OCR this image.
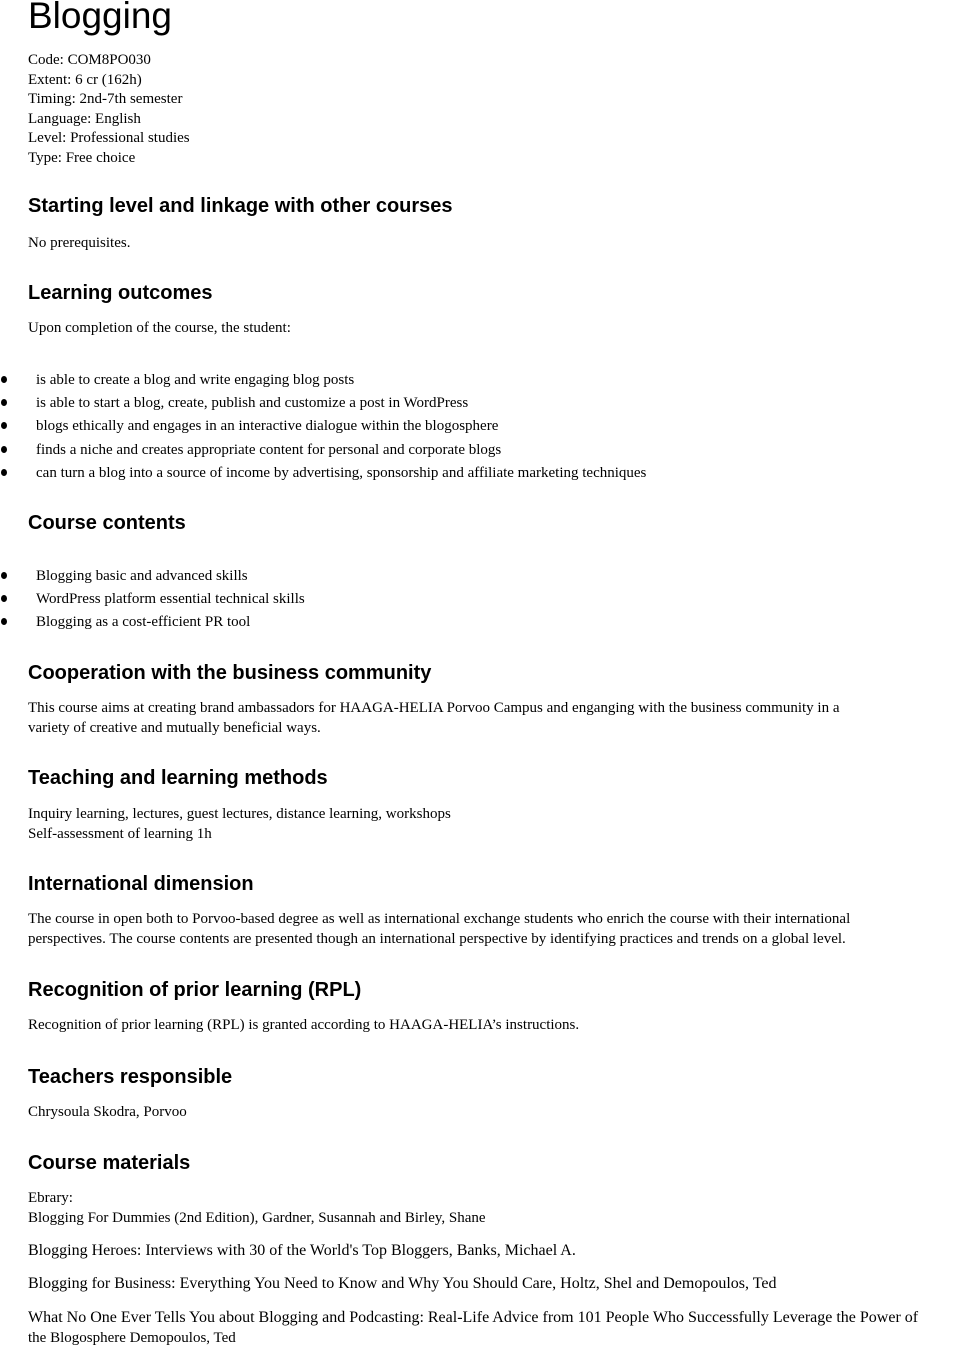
Blogging
Code: COM8PO030
Extent: 6 cr (162h)
Timing: 2nd-7th semester
Language: English
Level: Professional studies
Type: Free choice
Starting level and linkage with other courses

No prerequisites.

Learning outcomes

Upon completion of the course, the student:

is able to create a blog and write engaging blog posts
is able to start a blog, create, publish and customize a post in WordPress
blogs ethically and engages in an interactive dialogue within the blogosphere
finds a niche and creates appropriate content for personal and corporate blogs
can turn a blog into a source of income by advertising, sponsorship and affiliate marketing techniques
Course contents
Blogging basic and advanced skills
WordPress platform essential technical skills
Blogging as a cost-efficient PR tool
Cooperation with the business community

This course aims at creating brand ambassadors for HAAGA-HELIA Porvoo Campus and enganging with the business community in a
variety of creative and mutually beneficial ways.

Teaching and learning methods

Inquiry learning, lectures, guest lectures, distance learning, workshops
Self-assessment of learning 1h

International dimension

The course in open both to Porvoo-based degree as well as international exchange students who enrich the course with their international
perspectives. The course contents are presented though an international perspective by identifying practices and trends on a global level.

Recognition of prior learning (RPL)

Recognition of prior learning (RPL) is granted according to HAAGA-HELIA’s instructions.

Teachers responsible

Chrysoula Skodra, Porvoo

Course materials
Ebrary:
Blogging For Dummies (2nd Edition), Gardner, Susannah and Birley, Shane
Blogging Heroes: Interviews with 30 of the World's Top Bloggers, Banks, Michael A.
Blogging for Business: Everything You Need to Know and Why You Should Care, Holtz, Shel and Demopoulos, Ted
What No One Ever Tells You about Blogging and Podcasting: Real-Life Advice from 101 People Who Successfully Leverage the Power of
the Blogosphere Demopoulos, Ted
